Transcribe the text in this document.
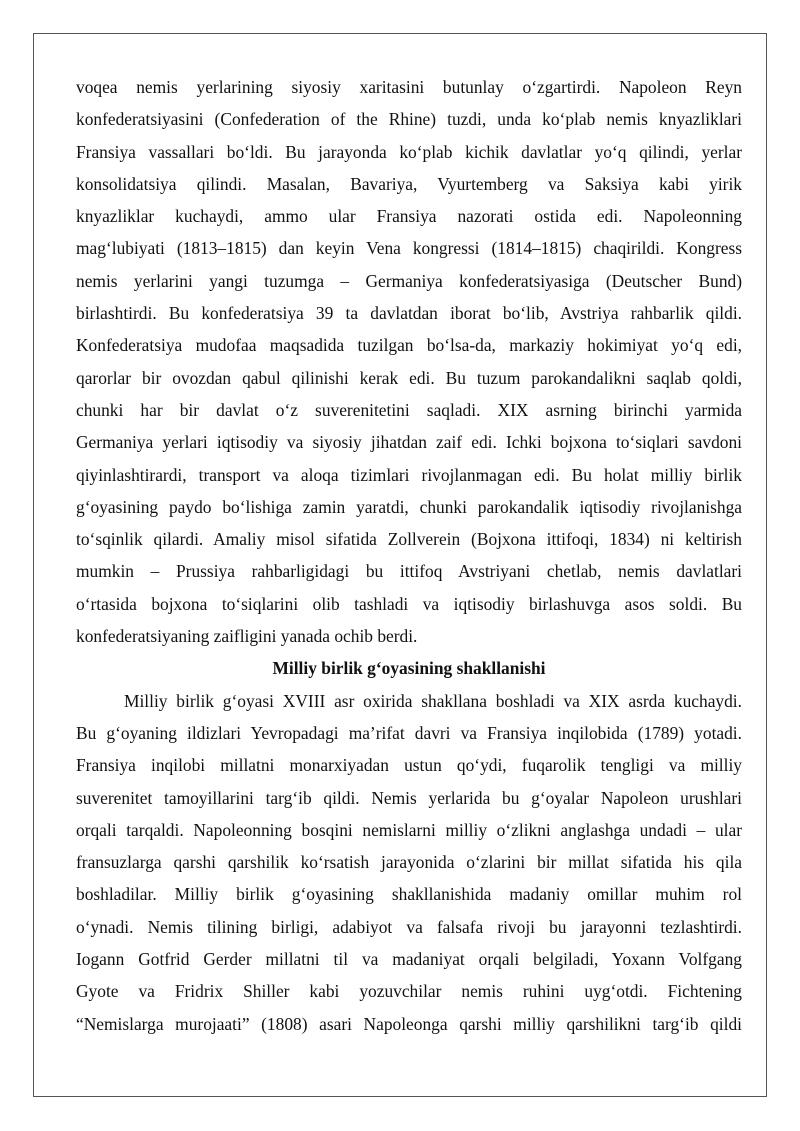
voqea nemis yerlarining siyosiy xaritasini butunlay o‘zgartirdi. Napoleon Reyn
konfederatsiyasini (Confederation of the Rhine) tuzdi, unda ko‘plab nemis knyazliklari
Fransiya vassallari bo‘ldi. Bu jarayonda ko‘plab kichik davlatlar yo‘q qilindi, yerlar
konsolidatsiya qilindi. Masalan, Bavariya, Vyurtemberg va Saksiya kabi yirik
knyazliklar kuchaydi, ammo ular Fransiya nazorati ostida edi. Napoleonning
mag‘lubiyati (1813–1815) dan keyin Vena kongressi (1814–1815) chaqirildi. Kongress
nemis yerlarini yangi tuzumga – Germaniya konfederatsiyasiga (Deutscher Bund)
birlashtirdi. Bu konfederatsiya 39 ta davlatdan iborat bo‘lib, Avstriya rahbarlik qildi.
Konfederatsiya mudofaa maqsadida tuzilgan bo‘lsa-da, markaziy hokimiyat yo‘q edi,
qarorlar bir ovozdan qabul qilinishi kerak edi. Bu tuzum parokandalikni saqlab qoldi,
chunki har bir davlat o‘z suverenitetini saqladi. XIX asrning birinchi yarmida
Germaniya yerlari iqtisodiy va siyosiy jihatdan zaif edi. Ichki bojxona to‘siqlari savdoni
qiyinlashtirardi, transport va aloqa tizimlari rivojlanmagan edi. Bu holat milliy birlik
g‘oyasining paydo bo‘lishiga zamin yaratdi, chunki parokandalik iqtisodiy rivojlanishga
to‘sqinlik qilardi. Amaliy misol sifatida Zollverein (Bojxona ittifoqi, 1834) ni keltirish
mumkin – Prussiya rahbarligidagi bu ittifoq Avstriyani chetlab, nemis davlatlari
o‘rtasida bojxona to‘siqlarini olib tashladi va iqtisodiy birlashuvga asos soldi. Bu
konfederatsiyaning zaifligini yanada ochib berdi.
Milliy birlik g‘oyasining shakllanishi
Milliy birlik g‘oyasi XVIII asr oxirida shakllana boshladi va XIX asrda kuchaydi.
Bu g‘oyaning ildizlari Yevropadagi ma’rifat davri va Fransiya inqilobida (1789) yotadi.
Fransiya inqilobi millatni monarxiyadan ustun qo‘ydi, fuqarolik tengligi va milliy
suverenitet tamoyillarini targ‘ib qildi. Nemis yerlarida bu g‘oyalar Napoleon urushlari
orqali tarqaldi. Napoleonning bosqini nemislarni milliy o‘zlikni anglashga undadi – ular
fransuzlarga qarshi qarshilik ko‘rsatish jarayonida o‘zlarini bir millat sifatida his qila
boshladilar. Milliy birlik g‘oyasining shakllanishida madaniy omillar muhim rol
o‘ynadi. Nemis tilining birligi, adabiyot va falsafa rivoji bu jarayonni tezlashtirdi.
Iogann Gotfrid Gerder millatni til va madaniyat orqali belgiladi, Yoxann Volfgang
Gyote va Fridrix Shiller kabi yozuvchilar nemis ruhini uyg‘otdi. Fichtening
“Nemislarga murojaati” (1808) asari Napoleonga qarshi milliy qarshilikni targ‘ib qildi
